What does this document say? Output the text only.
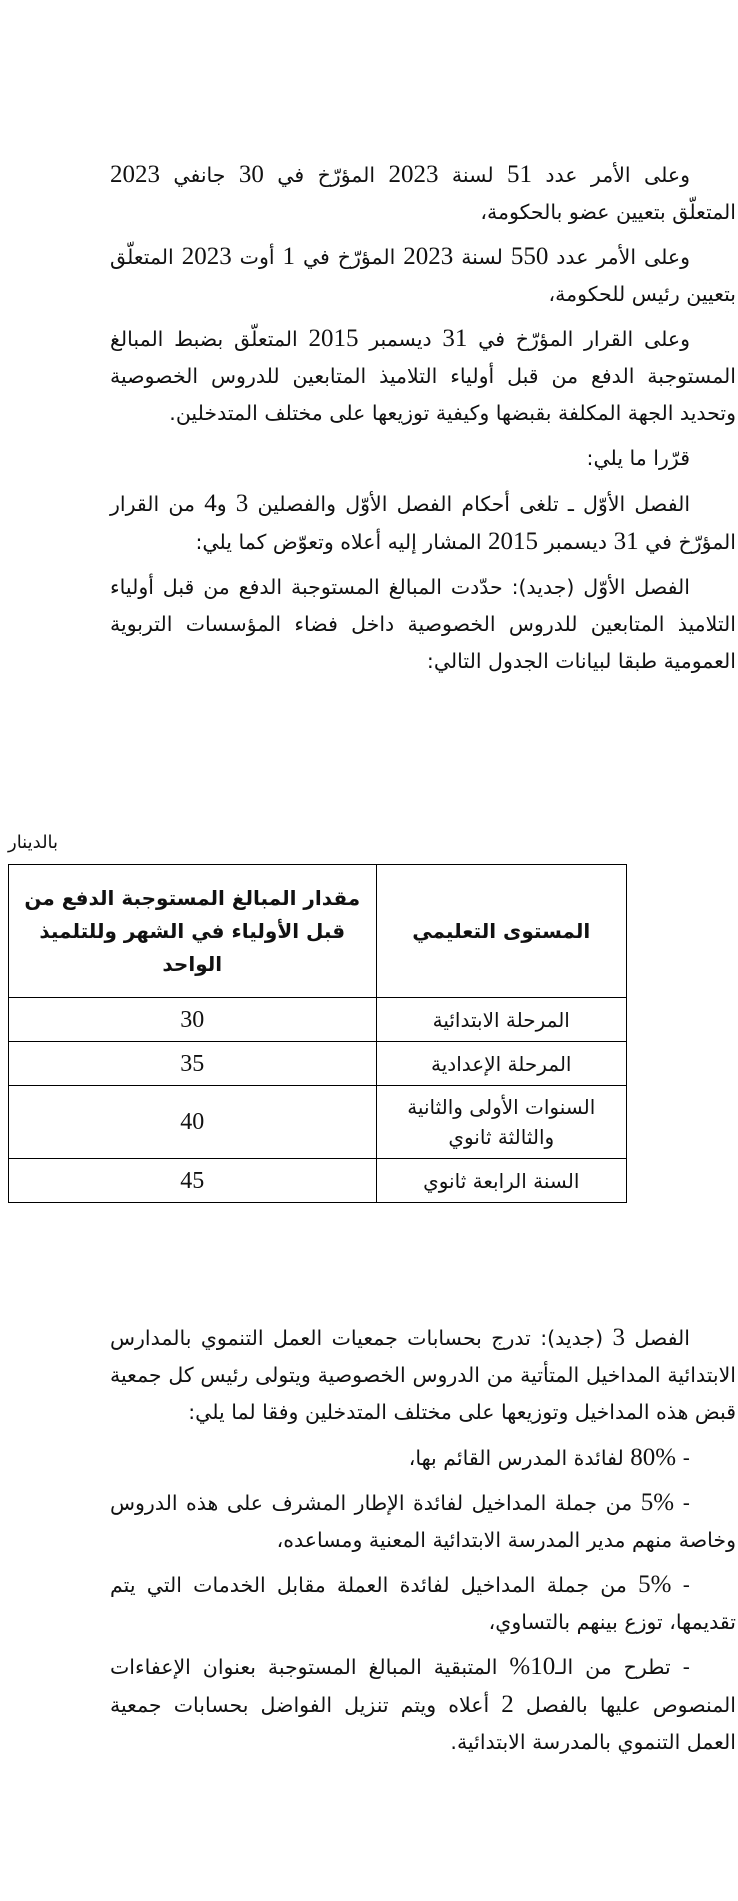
وعلى الأمر عدد 51 لسنة 2023 المؤرّخ في 30 جانفي 2023 المتعلّق بتعيين عضو بالحكومة،

وعلى الأمر عدد 550 لسنة 2023 المؤرّخ في 1 أوت 2023 المتعلّق بتعيين رئيس للحكومة،

وعلى القرار المؤرّخ في 31 ديسمبر 2015 المتعلّق بضبط المبالغ المستوجبة الدفع من قبل أولياء التلاميذ المتابعين للدروس الخصوصية وتحديد الجهة المكلفة بقبضها وكيفية توزيعها على مختلف المتدخلين.

قرّرا ما يلي:

الفصل الأوّل ـ تلغى أحكام الفصل الأوّل والفصلين 3 و4 من القرار المؤرّخ في 31 ديسمبر 2015 المشار إليه أعلاه وتعوّض كما يلي:

الفصل الأوّل (جديد): حدّدت المبالغ المستوجبة الدفع من قبل أولياء التلاميذ المتابعين للدروس الخصوصية داخل فضاء المؤسسات التربوية العمومية طبقا لبيانات الجدول التالي:

بالدينار
المستوى التعليمي	مقدار المبالغ المستوجبة الدفع من قبل الأولياء في الشهر وللتلميذ الواحد
المرحلة الابتدائية	30
المرحلة الإعدادية	35
السنوات الأولى والثانية والثالثة ثانوي	40
السنة الرابعة ثانوي	45

الفصل 3 (جديد): تدرج بحسابات جمعيات العمل التنموي بالمدارس الابتدائية المداخيل المتأتية من الدروس الخصوصية ويتولى رئيس كل جمعية قبض هذه المداخيل وتوزيعها على مختلف المتدخلين وفقا لما يلي:

- 80% لفائدة المدرس القائم بها،

- 5% من جملة المداخيل لفائدة الإطار المشرف على هذه الدروس وخاصة منهم مدير المدرسة الابتدائية المعنية ومساعده،

- 5% من جملة المداخيل لفائدة العملة مقابل الخدمات التي يتم تقديمها، توزع بينهم بالتساوي،

- تطرح من الـ10% المتبقية المبالغ المستوجبة بعنوان الإعفاءات المنصوص عليها بالفصل 2 أعلاه ويتم تنزيل الفواضل بحسابات جمعية العمل التنموي بالمدرسة الابتدائية.
